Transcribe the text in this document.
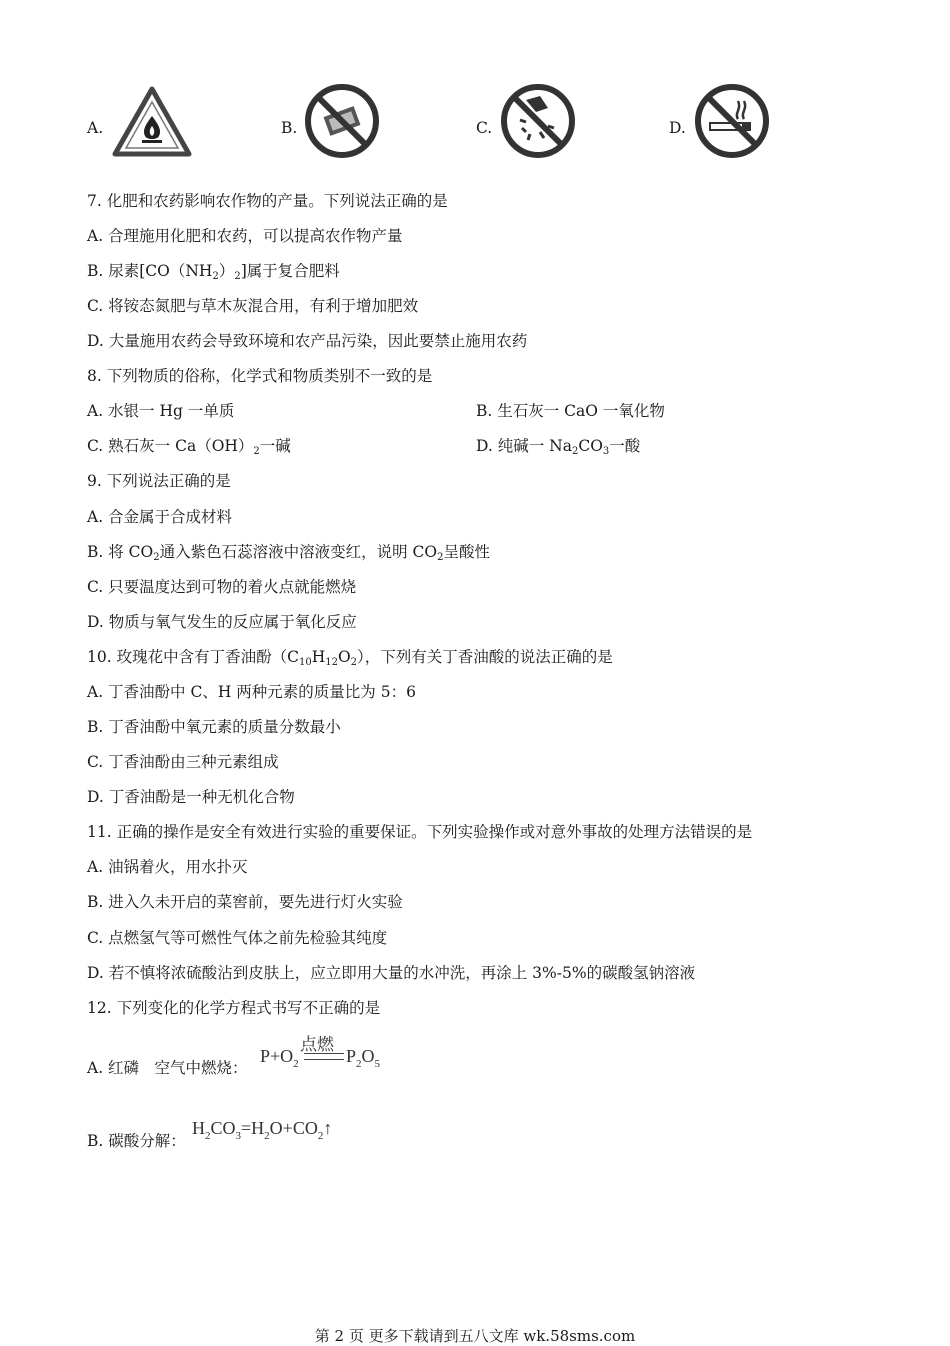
A.	B.	C.	D.
7. 化肥和农药影响农作物的产量。下列说法正确的是
A. 合理施用化肥和农药，可以提高农作物产量
B. 尿素$[CO(NH_2)_2]$属于复合肥料
C. 将铵态氮肥与草木灰混合用，有利于增加肥效
D. 大量施用农药会导致环境和农产品污染，因此要禁止施用农药
8. 下列物质的俗称，化学式和物质类别不一致的是
A. 水银一 Hg 一单质	B. 生石灰一 CaO 一氧化物
C. 熟石灰一 $Ca(OH)_2$一碱	D. 纯碱一 $Na_2CO_3$一酸
9. 下列说法正确的是
A. 合金属于合成材料
B. 将 $CO_2$通入紫色石蕊溶液中溶液变红，说明 $CO_2$呈酸性
C. 只要温度达到可物的着火点就能燃烧
D. 物质与氧气发生的反应属于氧化反应
10. 玫瑰花中含有丁香油酚$(C_{10}H_{12}O_2)$，下列有关丁香油酸的说法正确的是
A. 丁香油酚中 C、H 两种元素的质量比为 5：6
B. 丁香油酚中氧元素的质量分数最小
C. 丁香油酚由三种元素组成
D. 丁香油酚是一种无机化合物
11. 正确的操作是安全有效进行实验的重要保证。下列实验操作或对意外事故的处理方法错误的是
A. 油锅着火，用水扑灭
B. 进入久未开启的菜窖前，要先进行灯火实验
C. 点燃氢气等可燃性气体之前先检验其纯度
D. 若不慎将浓硫酸沾到皮肤上，应立即用大量的水冲洗，再涂上 3%-5%的碳酸氢钠溶液
12. 下列变化的化学方程式书写不正确的是
A. 红磷　空气中燃烧：
点燃
$P+O_2$	$P_2O_5$
B. 碳酸分解：
$H_2CO_3=H_2O+CO_2↑$
第 2 页 更多下载请到五八文库 wk.58sms.com
